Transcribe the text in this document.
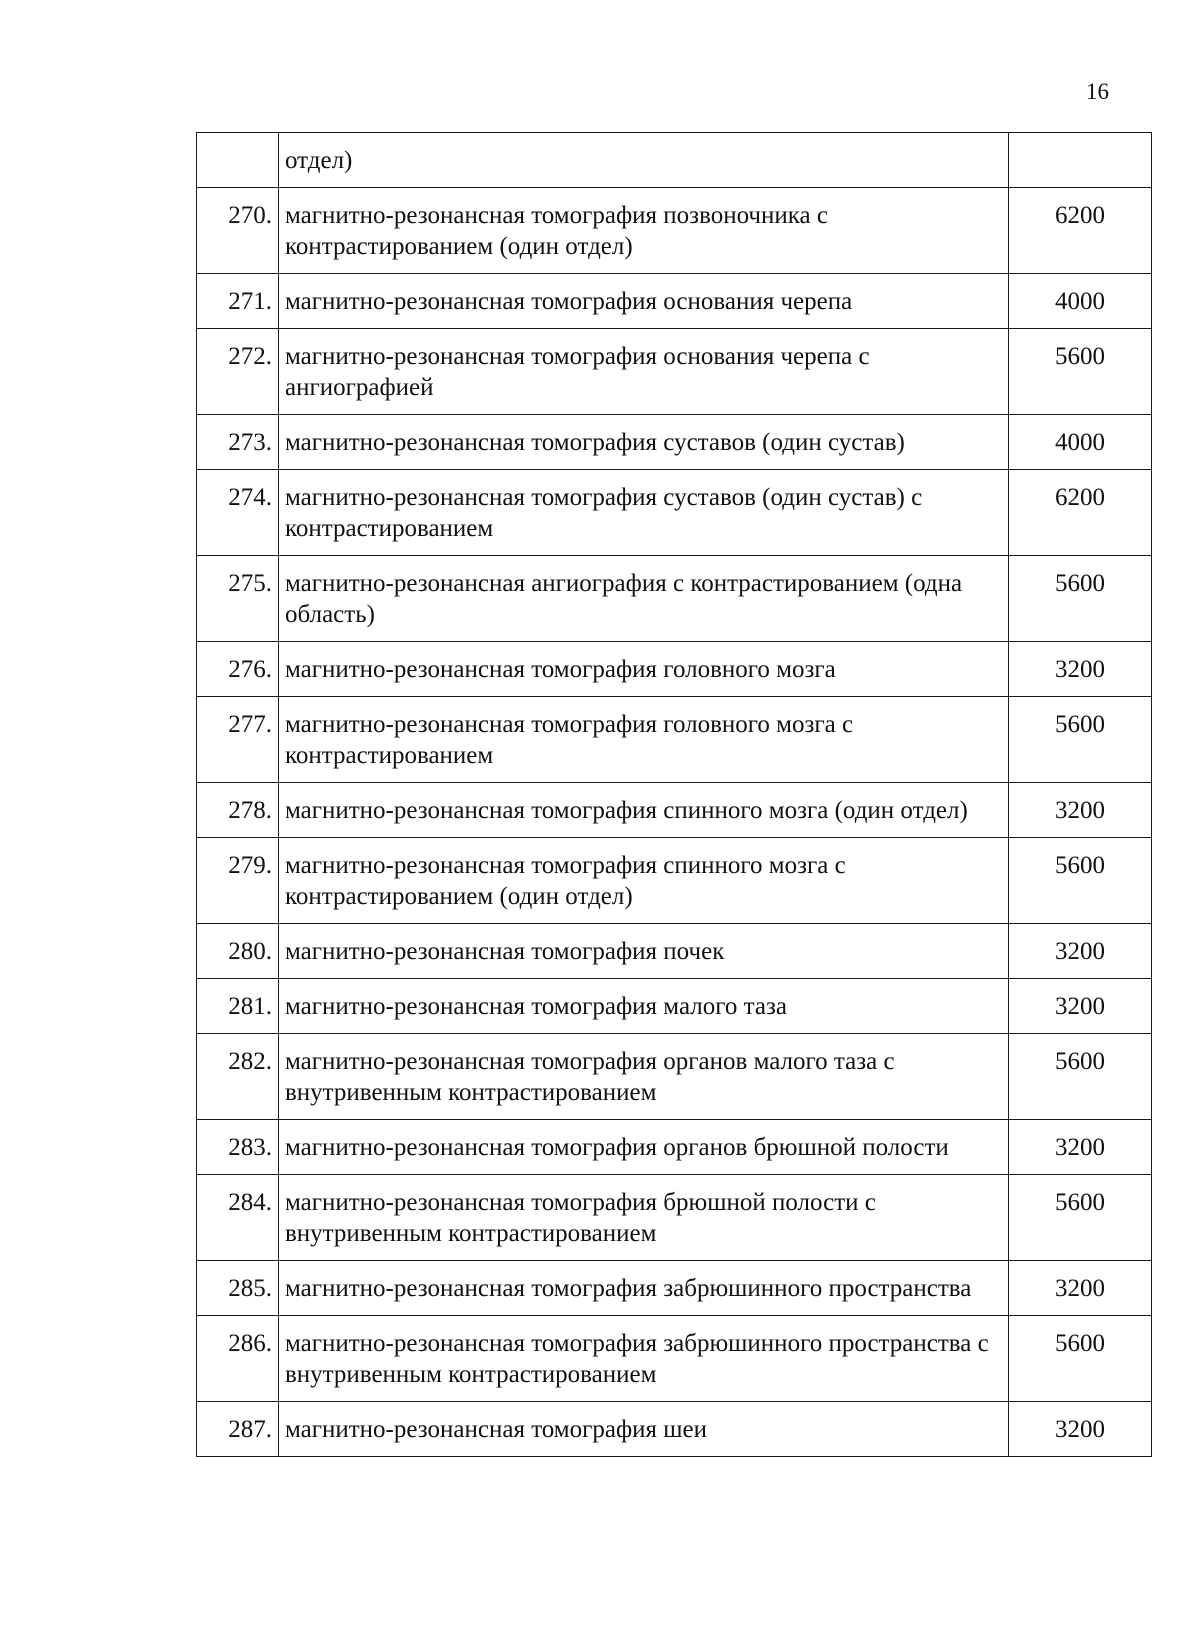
16
	отдел)	
270.	магнитно-резонансная томография позвоночника с контрастированием (один отдел)	6200
271.	магнитно-резонансная томография основания черепа	4000
272.	магнитно-резонансная томография основания черепа с ангиографией	5600
273.	магнитно-резонансная томография суставов (один сустав)	4000
274.	магнитно-резонансная томография суставов (один сустав) с контрастированием	6200
275.	магнитно-резонансная ангиография с контрастированием (одна область)	5600
276.	магнитно-резонансная томография головного мозга	3200
277.	магнитно-резонансная томография головного мозга с контрастированием	5600
278.	магнитно-резонансная томография спинного мозга (один отдел)	3200
279.	магнитно-резонансная томография спинного мозга с контрастированием (один отдел)	5600
280.	магнитно-резонансная томография почек	3200
281.	магнитно-резонансная томография малого таза	3200
282.	магнитно-резонансная томография органов малого таза с внутривенным контрастированием	5600
283.	магнитно-резонансная томография органов брюшной полости	3200
284.	магнитно-резонансная томография брюшной полости с внутривенным контрастированием	5600
285.	магнитно-резонансная томография забрюшинного пространства	3200
286.	магнитно-резонансная томография забрюшинного пространства с внутривенным контрастированием	5600
287.	магнитно-резонансная томография шеи	3200
